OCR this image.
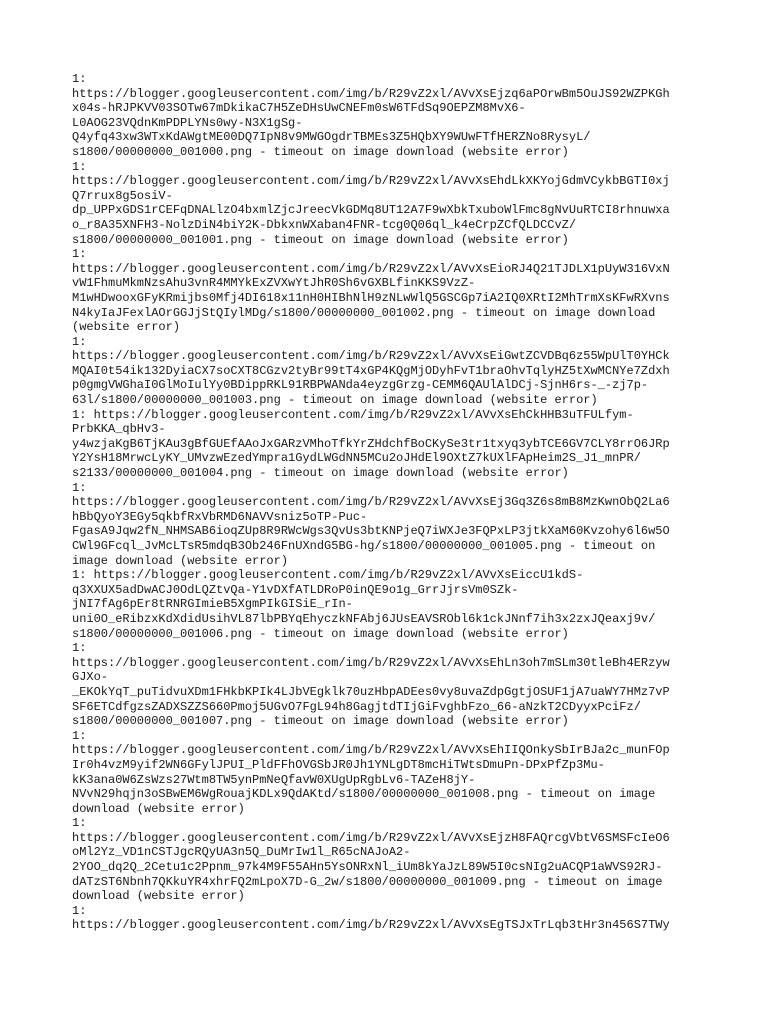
1:
https://blogger.googleusercontent.com/img/b/R29vZ2xl/AVvXsEjzq6aPOrwBm5OuJS92WZPKGh
x04s-hRJPKVV03SOTw67mDkikaC7H5ZeDHsUwCNEFm0sW6TFdSq9OEPZM8MvX6-
L0AOG23VQdnKmPDPLYNs0wy-N3X1gSg-
Q4yfq43xw3WTxKdAWgtME00DQ7IpN8v9MWGOgdrTBMEs3Z5HQbXY9WUwFTfHERZNo8RysyL/
s1800/00000000_001000.png - timeout on image download (website error)
1:
https://blogger.googleusercontent.com/img/b/R29vZ2xl/AVvXsEhdLkXKYojGdmVCykbBGTI0xj
Q7rrux8g5osiV-
dp_UPPxGDS1rCEFqDNALlzO4bxmlZjcJreecVkGDMq8UT12A7F9wXbkTxuboWlFmc8gNvUuRTCI8rhnuwxa
o_r8A35XNFH3-NolzDiN4biY2K-DbkxnWXaban4FNR-tcg0Q06ql_k4eCrpZCfQLDCCvZ/
s1800/00000000_001001.png - timeout on image download (website error)
1:
https://blogger.googleusercontent.com/img/b/R29vZ2xl/AVvXsEioRJ4Q21TJDLX1pUyW316VxN
vW1FhmuMkmNzsAhu3vnR4MMYkExZVXwYtJhR0Sh6vGXBLfinKKS9VzZ-
M1wHDwooxGFyKRmijbs0Mfj4DI618x11nH0HIBhNlH9zNLwWlQ5GSCGp7iA2IQ0XRtI2MhTrmXsKFwRXvns
N4kyIaJFexlAOrGGJjStQIylMDg/s1800/00000000_001002.png - timeout on image download
(website error)
1:
https://blogger.googleusercontent.com/img/b/R29vZ2xl/AVvXsEiGwtZCVDBq6z55WpUlT0YHCk
MQAI0t54ik132DyiaCX7soCXT8CGzv2tyBr99tT4xGP4KQgMjODyhFvT1braOhvTqlyHZ5tXwMCNYe7Zdxh
p0gmgVWGhaI0GlMoIulYy0BDippRKL91RBPWANda4eyzgGrzg-CEMM6QAUlAlDCj-SjnH6rs-_-zj7p-
63l/s1800/00000000_001003.png - timeout on image download (website error)
1: https://blogger.googleusercontent.com/img/b/R29vZ2xl/AVvXsEhCkHHB3uTFULfym-
PrbKKA_qbHv3-
y4wzjaKgB6TjKAu3gBfGUEfAAoJxGARzVMhoTfkYrZHdchfBoCKySe3tr1txyq3ybTCE6GV7CLY8rrO6JRp
Y2YsH18MrwcLyKY_UMvzwEzedYmpra1GydLWGdNN5MCu2oJHdEl9OXtZ7kUXlFApHeim2S_J1_mnPR/
s2133/00000000_001004.png - timeout on image download (website error)
1:
https://blogger.googleusercontent.com/img/b/R29vZ2xl/AVvXsEj3Gq3Z6s8mB8MzKwnObQ2La6
hBbQyoY3EGy5qkbfRxVbRMD6NAVVsniz5oTP-Puc-
FgasA9Jqw2fN_NHMSAB6ioqZUp8R9RWcWgs3QvUs3btKNPjeQ7iWXJe3FQPxLP3jtkXaM60Kvzohy6l6w5O
CWl9GFcql_JvMcLTsR5mdqB3Ob246FnUXndG5BG-hg/s1800/00000000_001005.png - timeout on
image download (website error)
1: https://blogger.googleusercontent.com/img/b/R29vZ2xl/AVvXsEiccU1kdS-
q3XXUX5adDwACJ0OdLQZtvQa-Y1vDXfATLDRoP0inQE9o1g_GrrJjrsVm0SZk-
jNI7fAg6pEr8tRNRGImieB5XgmPIkGISiE_rIn-
uni0O_eRibzxKdXdidUsihVL87lbPBYqEhyczkNFAbj6JUsEAVSRObl6k1ckJNnf7ih3x2zxJQeaxj9v/
s1800/00000000_001006.png - timeout on image download (website error)
1:
https://blogger.googleusercontent.com/img/b/R29vZ2xl/AVvXsEhLn3oh7mSLm30tleBh4ERzyw
GJXo-
_EKOkYqT_puTidvuXDm1FHkbKPIk4LJbVEgklk70uzHbpADEes0vy8uvaZdpGgtjOSUF1jA7uaWY7HMz7vP
SF6ETCdfgzsZADXSZZS660Pmoj5UGvO7FgL94h8GagjtdTIjGiFvghbFzo_66-aNzkT2CDyyxPciFz/
s1800/00000000_001007.png - timeout on image download (website error)
1:
https://blogger.googleusercontent.com/img/b/R29vZ2xl/AVvXsEhIIQOnkySbIrBJa2c_munFOp
Ir0h4vzM9yif2WN6GFylJPUI_PldFFhOVGSbJR0Jh1YNLgDT8mcHiTWtsDmuPn-DPxPfZp3Mu-
kK3ana0W6ZsWzs27Wtm8TW5ynPmNeQfavW0XUgUpRgbLv6-TAZeH8jY-
NVvN29hqjn3oSBwEM6WgRouajKDLx9QdAKtd/s1800/00000000_001008.png - timeout on image
download (website error)
1:
https://blogger.googleusercontent.com/img/b/R29vZ2xl/AVvXsEjzH8FAQrcgVbtV6SMSFcIeO6
oMl2Yz_VD1nCSTJgcRQyUA3n5Q_DuMrIw1l_R65cNAJoA2-
2YOO_dq2Q_2Cetu1c2Ppnm_97k4M9F55AHn5YsONRxNl_iUm8kYaJzL89W5I0csNIg2uACQP1aWVS92RJ-
dATzST6Nbnh7QKkuYR4xhrFQ2mLpoX7D-G_2w/s1800/00000000_001009.png - timeout on image
download (website error)
1:
https://blogger.googleusercontent.com/img/b/R29vZ2xl/AVvXsEgTSJxTrLqb3tHr3n456S7TWy
